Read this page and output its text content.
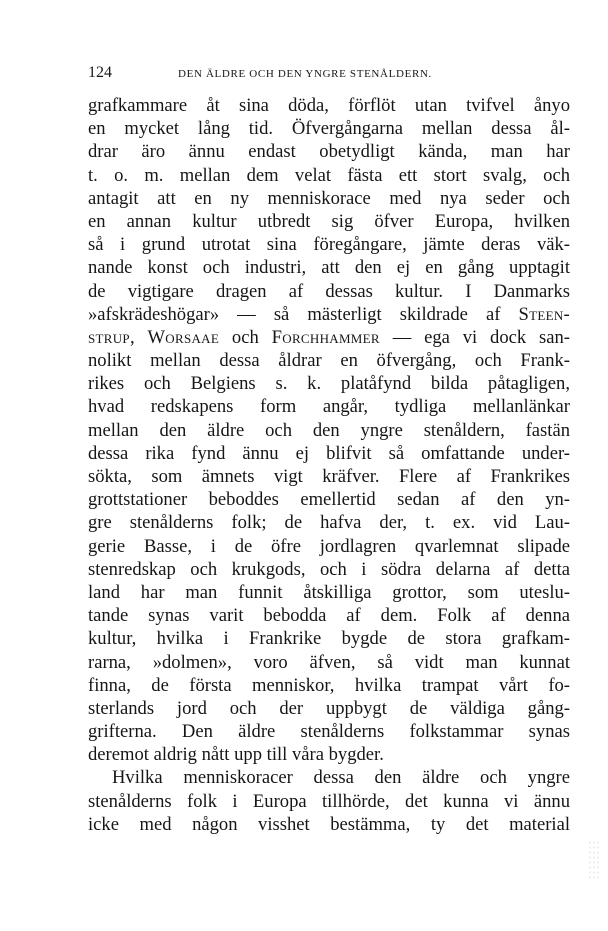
124	DEN ÄLDRE OCH DEN YNGRE STENÅLDERN.
grafkammare åt sina döda, förflöt utan tvifvel ånyo
en mycket lång tid. Öfvergångarna mellan dessa ål-
drar äro ännu endast obetydligt kända, man har
t. o. m. mellan dem velat fästa ett stort svalg, och
antagit att en ny menniskorace med nya seder och
en annan kultur utbredt sig öfver Europa, hvilken
så i grund utrotat sina föregångare, jämte deras väk-
nande konst och industri, att den ej en gång upptagit
de vigtigare dragen af dessas kultur. I Danmarks
»afskrädeshögar» — så mästerligt skildrade af Steen-
strup, Worsaae och Forchhammer — ega vi dock san-
nolikt mellan dessa åldrar en öfvergång, och Frank-
rikes och Belgiens s. k. platåfynd bilda påtagligen,
hvad redskapens form angår, tydliga mellanlänkar
mellan den äldre och den yngre stenåldern, fastän
dessa rika fynd ännu ej blifvit så omfattande under-
sökta, som ämnets vigt kräfver. Flere af Frankrikes
grottstationer beboddes emellertid sedan af den yn-
gre stenålderns folk; de hafva der, t. ex. vid Lau-
gerie Basse, i de öfre jordlagren qvarlemnat slipade
stenredskap och krukgods, och i södra delarna af detta
land har man funnit åtskilliga grottor, som uteslu-
tande synas varit bebodda af dem. Folk af denna
kultur, hvilka i Frankrike bygde de stora grafkam-
rarna, »dolmen», voro äfven, så vidt man kunnat
finna, de första menniskor, hvilka trampat vårt fo-
sterlands jord och der uppbygt de väldiga gång-
grifterna. Den äldre stenålderns folkstammar synas
deremot aldrig nått upp till våra bygder.
Hvilka menniskoracer dessa den äldre och yngre
stenålderns folk i Europa tillhörde, det kunna vi ännu
icke med någon visshet bestämma, ty det material
